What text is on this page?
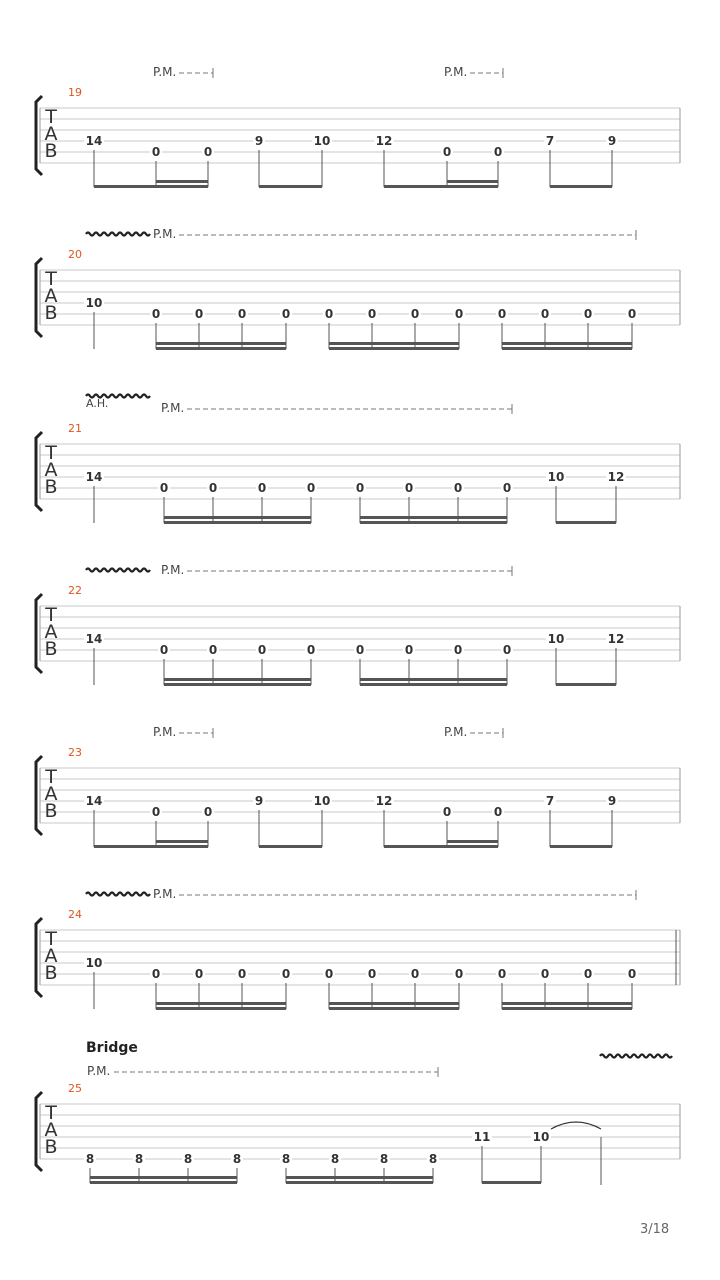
T
A
B
19
P.M.	P.M.
14
0	0
9	10	12
0	0
7	9
T
A
B
20
P.M.
10
0	0	0	0	0	0	0	0	0	0	0	0
T
A
B
21
P.M.
A.H.
14
0	0	0	0	0	0	0	0
10	12
T
A
B
22
P.M.
14
0	0	0	0	0	0	0	0
10	12
T
A
B
23
P.M.	P.M.
14
0	0
9	10	12
0	0
7	9
T
A
B
24
P.M.
10
0	0	0	0	0	0	0	0	0	0	0	0
T
A
B
25
Bridge
P.M.
8	8	8	8	8	8	8	8
11	10
3/18
